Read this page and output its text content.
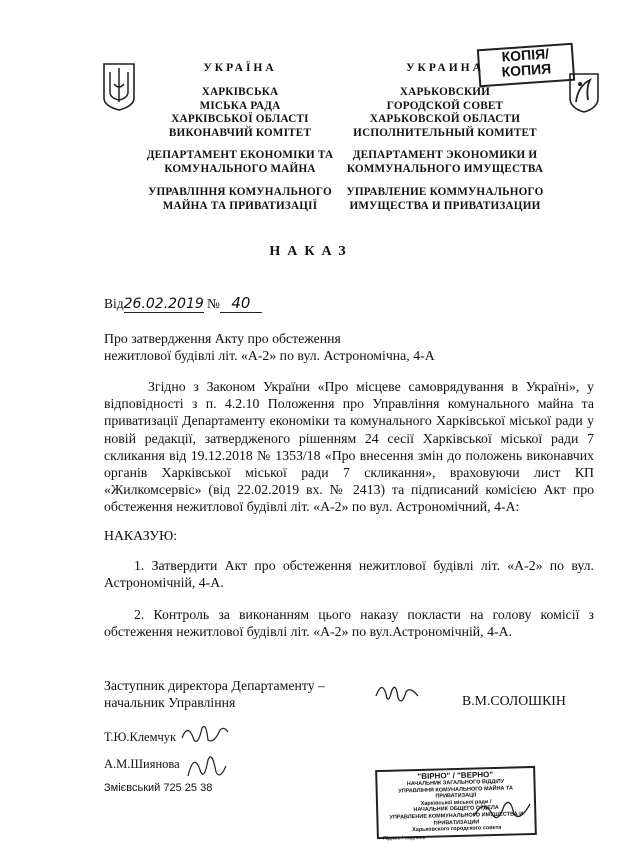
КОПІЯ/
КОПИЯ
УКРАЇНА
ХАРКІВСЬКА
МІСЬКА РАДА
ХАРКІВСЬКОЇ ОБЛАСТІ
ВИКОНАВЧИЙ КОМІТЕТ
ДЕПАРТАМЕНТ ЕКОНОМІКИ ТА
КОМУНАЛЬНОГО МАЙНА
УПРАВЛІННЯ КОМУНАЛЬНОГО
МАЙНА ТА ПРИВАТИЗАЦІЇ
УКРАИНА
ХАРЬКОВСКИЙ
ГОРОДСКОЙ СОВЕТ
ХАРЬКОВСКОЙ ОБЛАСТИ
ИСПОЛНИТЕЛЬНЫЙ КОМИТЕТ
ДЕПАРТАМЕНТ ЭКОНОМИКИ И
КОММУНАЛЬНОГО ИМУЩЕСТВА
УПРАВЛЕНИЕ КОММУНАЛЬНОГО
ИМУЩЕСТВА И ПРИВАТИЗАЦИИ
НАКАЗ
Від26.02.2019 № 40
Про затвердження Акту про обстеження
нежитлової будівлі літ. «А-2» по вул. Астрономічна, 4-А
Згідно з Законом України «Про місцеве самоврядування в Україні», у відповідності з п. 4.2.10 Положення про Управління комунального майна та приватизації Департаменту економіки та комунального Харківської міської ради у новій редакції, затвердженого рішенням 24 сесії Харківської міської ради 7 скликання від 19.12.2018 № 1353/18 «Про внесення змін до положень виконавчих органів Харківської міської ради 7 скликання», враховуючи лист КП «Жилкомсервіс» (від 22.02.2019 вх. № 2413) та підписаний комісією Акт про обстеження нежитлової будівлі літ. «А-2» по вул. Астрономічний, 4-А:
НАКАЗУЮ:
1. Затвердити Акт про обстеження нежитлової будівлі літ. «А-2» по вул. Астрономічній, 4-А.
2. Контроль за виконанням цього наказу покласти на голову комісії з обстеження нежитлової будівлі літ. «А-2» по вул.Астрономічній, 4-А.
Заступник директора Департаменту –
начальник Управління	В.М.СОЛОШКІН
Т.Ю.Клемчук
А.М.Шиянова
Змієвський 725 25 38
"ВІРНО" / "ВЕРНО"
НАЧАЛЬНИК ЗАГАЛЬНОГО ВІДДІЛУ
УПРАВЛІННЯ КОМУНАЛЬНОГО МАЙНА ТА ПРИВАТИЗАЦІЇ
Харківської міської ради /
НАЧАЛЬНИК ОБЩЕГО ОТДЕЛА
УПРАВЛЕНИЕ КОММУНАЛЬНОГО ИМУЩЕСТВА И ПРИВАТИЗАЦИИ
Харьковского городского совета
Підпис / подпись
